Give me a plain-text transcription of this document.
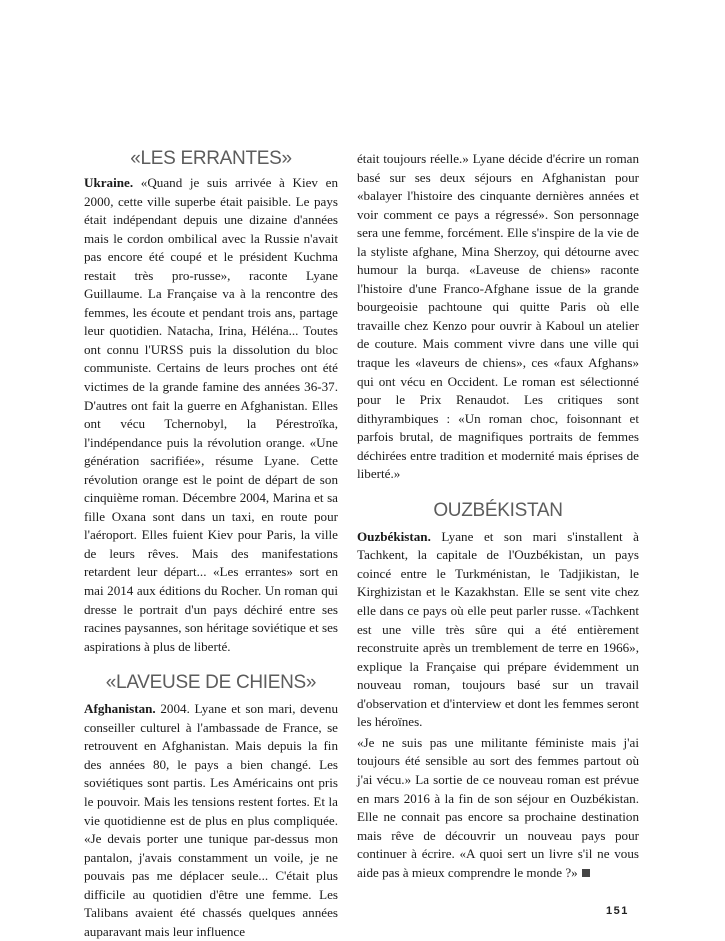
«LES ERRANTES»

Ukraine. «Quand je suis arrivée à Kiev en 2000, cette ville superbe était paisible. Le pays était indépendant depuis une dizaine d'années mais le cordon ombilical avec la Russie n'avait pas encore été coupé et le président Kuchma restait très pro-russe», raconte Lyane Guillaume. La Française va à la rencontre des femmes, les écoute et pendant trois ans, partage leur quotidien. Natacha, Irina, Héléna... Toutes ont connu l'URSS puis la dissolution du bloc communiste. Certains de leurs proches ont été victimes de la grande famine des années 36-37. D'autres ont fait la guerre en Afghanistan. Elles ont vécu Tchernobyl, la Pérestroïka, l'indépendance puis la révolution orange. «Une génération sacrifiée», résume Lyane. Cette révolution orange est le point de départ de son cinquième roman. Décembre 2004, Marina et sa fille Oxana sont dans un taxi, en route pour l'aéroport. Elles fuient Kiev pour Paris, la ville de leurs rêves. Mais des manifestations retardent leur départ... «Les errantes» sort en mai 2014 aux éditions du Rocher. Un roman qui dresse le portrait d'un pays déchiré entre ses racines paysannes, son héritage soviétique et ses aspirations à plus de liberté.

«LAVEUSE DE CHIENS»

Afghanistan. 2004. Lyane et son mari, devenu conseiller culturel à l'ambassade de France, se retrouvent en Afghanistan. Mais depuis la fin des années 80, le pays a bien changé. Les soviétiques sont partis. Les Américains ont pris le pouvoir. Mais les tensions restent fortes. Et la vie quotidienne est de plus en plus compliquée. «Je devais porter une tunique par-dessus mon pantalon, j'avais constamment un voile, je ne pouvais pas me déplacer seule... C'était plus difficile au quotidien d'être une femme. Les Talibans avaient été chassés quelques années auparavant mais leur influence

était toujours réelle.» Lyane décide d'écrire un roman basé sur ses deux séjours en Afghanistan pour «balayer l'histoire des cinquante dernières années et voir comment ce pays a régressé». Son personnage sera une femme, forcément. Elle s'inspire de la vie de la styliste afghane, Mina Sherzoy, qui détourne avec humour la burqa. «Laveuse de chiens» raconte l'histoire d'une Franco-Afghane issue de la grande bourgeoisie pachtoune qui quitte Paris où elle travaille chez Kenzo pour ouvrir à Kaboul un atelier de couture. Mais comment vivre dans une ville qui traque les «laveurs de chiens», ces «faux Afghans» qui ont vécu en Occident. Le roman est sélectionné pour le Prix Renaudot. Les critiques sont dithyrambiques : «Un roman choc, foisonnant et parfois brutal, de magnifiques portraits de femmes déchirées entre tradition et modernité mais éprises de liberté.»

OUZBÉKISTAN

Ouzbékistan. Lyane et son mari s'installent à Tachkent, la capitale de l'Ouzbékistan, un pays coincé entre le Turkménistan, le Tadjikistan, le Kirghizistan et le Kazakhstan. Elle se sent vite chez elle dans ce pays où elle peut parler russe. «Tachkent est une ville très sûre qui a été entièrement reconstruite après un tremblement de terre en 1966», explique la Française qui prépare évidemment un nouveau roman, toujours basé sur un travail d'observation et d'interview et dont les femmes seront les héroïnes.

«Je ne suis pas une militante féministe mais j'ai toujours été sensible au sort des femmes partout où j'ai vécu.» La sortie de ce nouveau roman est prévue en mars 2016 à la fin de son séjour en Ouzbékistan. Elle ne connait pas encore sa prochaine destination mais rêve de découvrir un nouveau pays pour continuer à écrire. «A quoi sert un livre s'il ne vous aide pas à mieux comprendre le monde ?»

151
